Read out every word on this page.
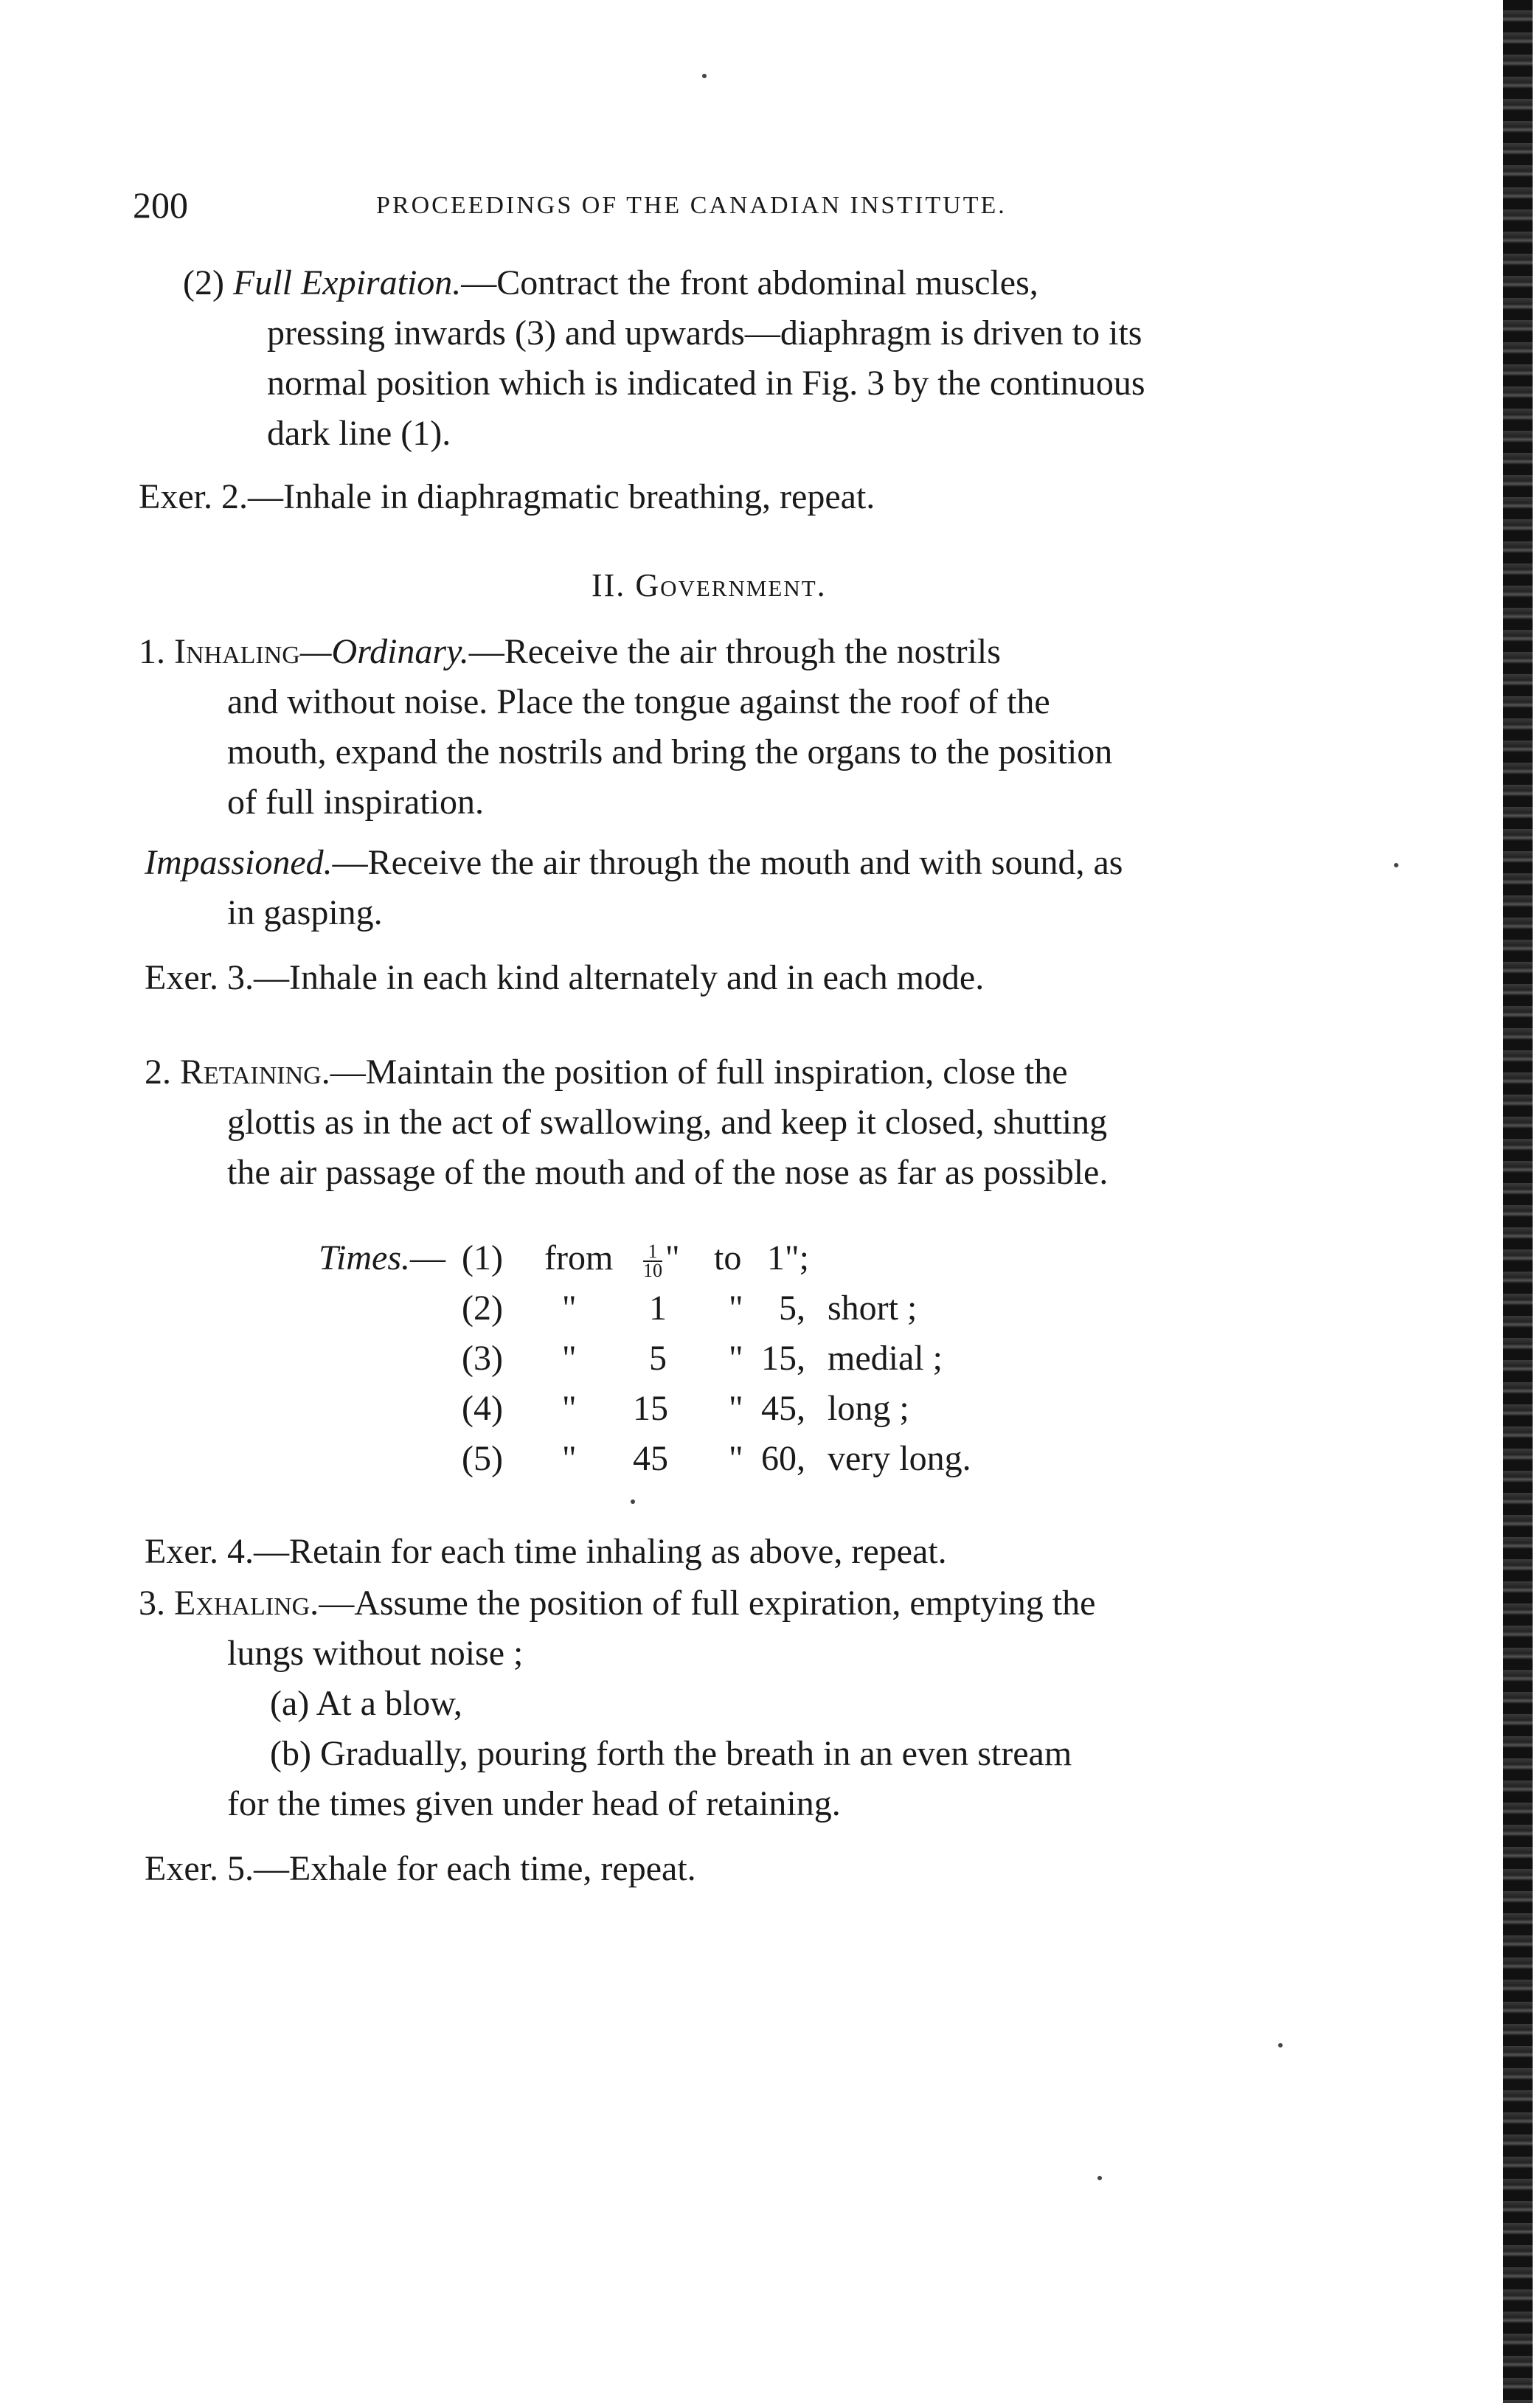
200	PROCEEDINGS OF THE CANADIAN INSTITUTE.
(2) Full Expiration.—Contract the front abdominal muscles,
pressing inwards (3) and upwards—diaphragm is driven to its
normal position which is indicated in Fig. 3 by the continuous
dark line (1).
Exer. 2.—Inhale in diaphragmatic breathing, repeat.
II. Government.
1. Inhaling—Ordinary.—Receive the air through the nostrils
and without noise. Place the tongue against the roof of the
mouth, expand the nostrils and bring the organs to the position
of full inspiration.
Impassioned.—Receive the air through the mouth and with sound, as
in gasping.
Exer. 3.—Inhale in each kind alternately and in each mode.
2. Retaining.—Maintain the position of full inspiration, close the
glottis as in the act of swallowing, and keep it closed, shutting
the air passage of the mouth and of the nose as far as possible.
Times.— (1) from $\frac{1}{10}$ " to 1";
(2) " 1 " 5, short ;
(3) " 5 " 15, medial ;
(4) " 15 " 45, long ;
(5) " 45 " 60, very long.
Exer. 4.—Retain for each time inhaling as above, repeat.
3. Exhaling.—Assume the position of full expiration, emptying the
lungs without noise ;
(a) At a blow,
(b) Gradually, pouring forth the breath in an even stream
for the times given under head of retaining.
Exer. 5.—Exhale for each time, repeat.
